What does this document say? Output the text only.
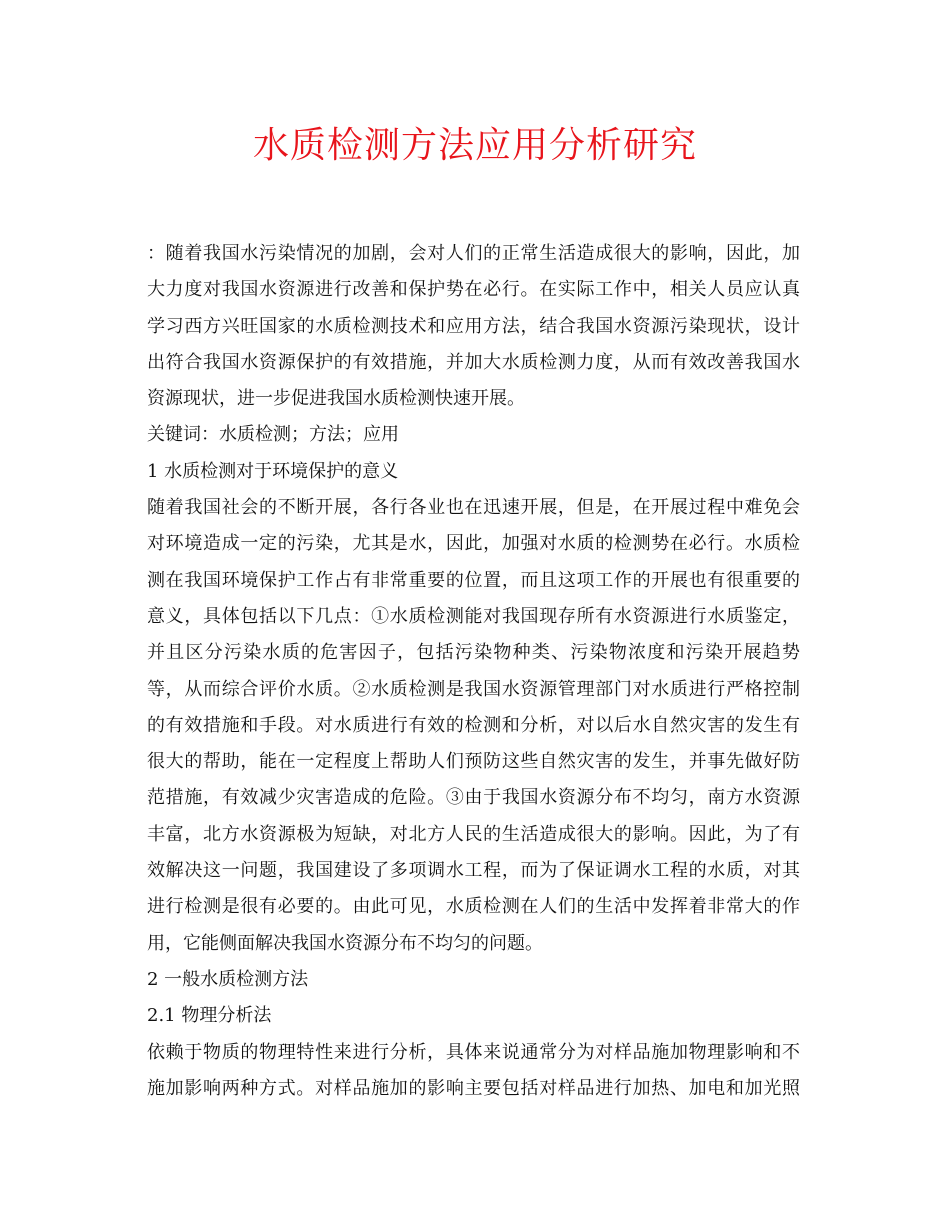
水质检测方法应用分析研究

：随着我国水污染情况的加剧，会对人们的正常生活造成很大的影响，因此，加

大力度对我国水资源进行改善和保护势在必行。在实际工作中，相关人员应认真

学习西方兴旺国家的水质检测技术和应用方法，结合我国水资源污染现状，设计

出符合我国水资源保护的有效措施，并加大水质检测力度，从而有效改善我国水

资源现状，进一步促进我国水质检测快速开展。

关键词：水质检测；方法；应用

1 水质检测对于环境保护的意义

随着我国社会的不断开展，各行各业也在迅速开展，但是，在开展过程中难免会

对环境造成一定的污染，尤其是水，因此，加强对水质的检测势在必行。水质检

测在我国环境保护工作占有非常重要的位置，而且这项工作的开展也有很重要的

意义，具体包括以下几点：①水质检测能对我国现存所有水资源进行水质鉴定，

并且区分污染水质的危害因子，包括污染物种类、污染物浓度和污染开展趋势

等，从而综合评价水质。②水质检测是我国水资源管理部门对水质进行严格控制

的有效措施和手段。对水质进行有效的检测和分析，对以后水自然灾害的发生有

很大的帮助，能在一定程度上帮助人们预防这些自然灾害的发生，并事先做好防

范措施，有效减少灾害造成的危险。③由于我国水资源分布不均匀，南方水资源

丰富，北方水资源极为短缺，对北方人民的生活造成很大的影响。因此，为了有

效解决这一问题，我国建设了多项调水工程，而为了保证调水工程的水质，对其

进行检测是很有必要的。由此可见，水质检测在人们的生活中发挥着非常大的作

用，它能侧面解决我国水资源分布不均匀的问题。

2 一般水质检测方法

2.1 物理分析法

依赖于物质的物理特性来进行分析，具体来说通常分为对样品施加物理影响和不

施加影响两种方式。对样品施加的影响主要包括对样品进行加热、加电和加光照
